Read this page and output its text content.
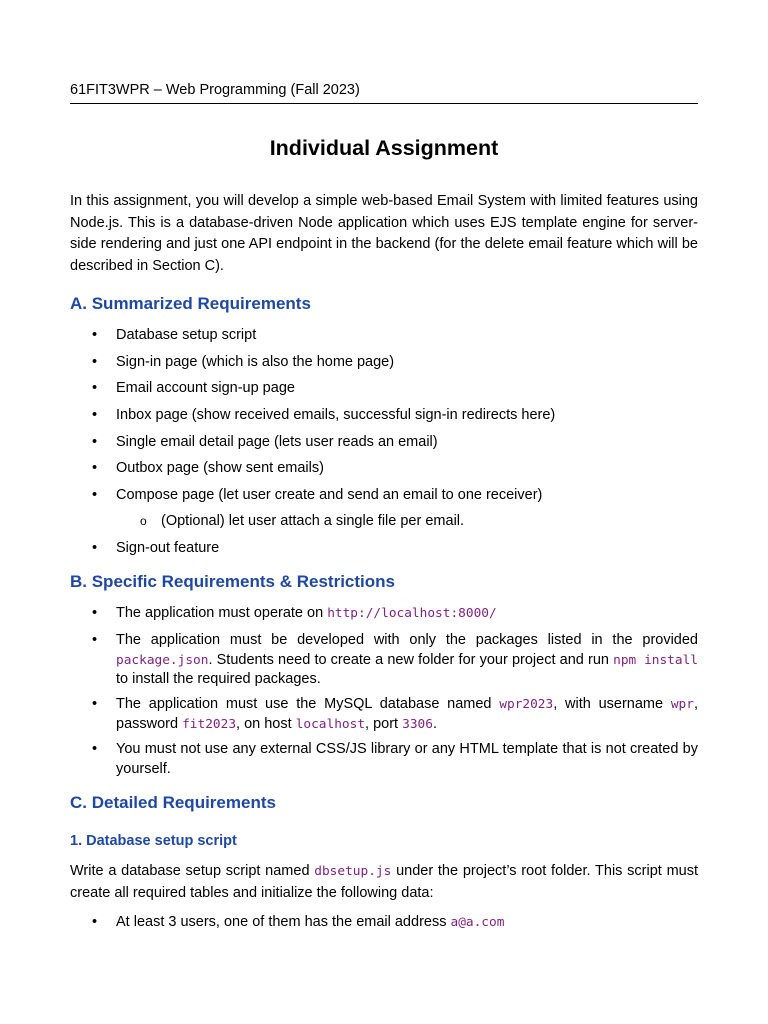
61FIT3WPR – Web Programming (Fall 2023)
Individual Assignment
In this assignment, you will develop a simple web-based Email System with limited features using Node.js. This is a database-driven Node application which uses EJS template engine for server-side rendering and just one API endpoint in the backend (for the delete email feature which will be described in Section C).
A. Summarized Requirements
•	Database setup script
•	Sign-in page (which is also the home page)
•	Email account sign-up page
•	Inbox page (show received emails, successful sign-in redirects here)
•	Single email detail page (lets user reads an email)
•	Outbox page (show sent emails)
•	Compose page (let user create and send an email to one receiver)
o (Optional) let user attach a single file per email.
•	Sign-out feature
B. Specific Requirements & Restrictions
•	The application must operate on http://localhost:8000/
•	The application must be developed with only the packages listed in the provided package.json. Students need to create a new folder for your project and run npm install to install the required packages.
•	The application must use the MySQL database named wpr2023, with username wpr, password fit2023, on host localhost, port 3306.
•	You must not use any external CSS/JS library or any HTML template that is not created by yourself.
C. Detailed Requirements
1. Database setup script
Write a database setup script named dbsetup.js under the project’s root folder. This script must create all required tables and initialize the following data:
•	At least 3 users, one of them has the email address a@a.com
